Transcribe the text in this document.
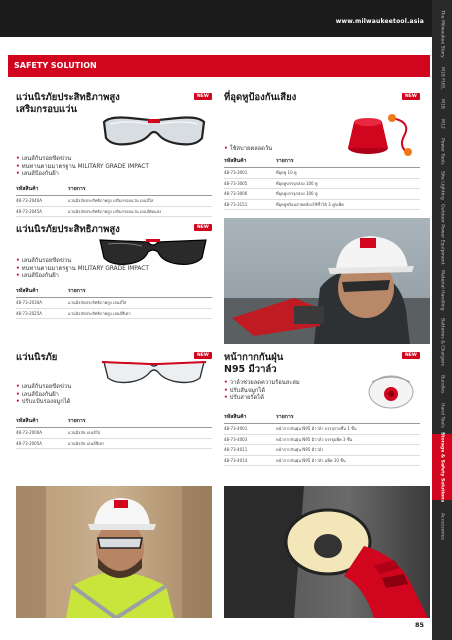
www.milwaukeetool.asia	The Milwaukee Story
M18 FUEL
M18
M12
Power Tools
Site Lighting
Outdoor Power Equipment
Material Handling
Batteries & Chargers
Bundles
Hand Tools
Storage & Safety Solutions
Accessories
SAFETY SOLUTION
แว่นนิรภัยประสิทธิภาพสูง
เสริมกรอบแว่น
NEW
• เลนส์กันรอยขีดข่วน
• ทนทานตามมาตรฐาน MILITARY GRADE IMPACT
• เลนส์ป้องกันฝ้า
รหัสสินค้า	รายการ
48-73-2040A	แว่นนิรภัยประสิทธิภาพสูง เสริมกรอบแว่น เลนส์ใส
48-73-2045A	แว่นนิรภัยประสิทธิภาพสูง เสริมกรอบแว่น เลนส์ตัดแสง
แว่นนิรภัยประสิทธิภาพสูง	NEW
• เลนส์กันรอยขีดข่วน
• ทนทานตามมาตรฐาน MILITARY GRADE IMPACT
• เลนส์ป้องกันฝ้า
รหัสสินค้า	รายการ
48-73-2030A	แว่นนิรภัยประสิทธิภาพสูง เลนส์ใส
48-73-2025A	แว่นนิรภัยประสิทธิภาพสูง เลนส์สีเทา
แว่นนิรภัย	NEW
• เลนส์กันรอยขีดข่วน
• เลนส์ป้องกันฝ้า
• ปรับแป้นรองจมูกได้
รหัสสินค้า	รายการ
48-73-2000A	แว่นนิรภัย เลนส์ใส
48-73-2005A	แว่นนิรภัย เลนส์สีเทา
ที่อุดหูป้องกันเสียง	NEW
• ใช้สบายตลอดวัน
รหัสสินค้า	รายการ
48-73-3001	ที่อุดหู 10 คู่
48-73-3005	ที่อุดหูบรรจุกล่อง 100 คู่
48-73-3006	ที่อุดหูบรรจุกล่อง 100 คู่
48-73-3151	ที่อุดหูพร้อมสายคล้องใช้ซ้ำได้ 3 คู่/แพ็ค
หน้ากากกันฝุ่น
N95 มีวาล์ว
NEW
• วาล์วช่วยลดความร้อนสะสม
• ปรับสันจมูกได้
• ปรับสายรัดได้
รหัสสินค้า	รายการ
48-73-4001	หน้ากากกันฝุ่น N95 มีวาล์ว บรรจุรายชิ้น 1 ชิ้น
48-73-4003	หน้ากากกันฝุ่น N95 มีวาล์ว บรรจุแพ็ค 3 ชิ้น
48-73-4011	หน้ากากกันฝุ่น N95 มีวาล์ว
48-73-4014	หน้ากากกันฝุ่น N95 มีวาล์ว แพ็ค 10 ชิ้น
85
